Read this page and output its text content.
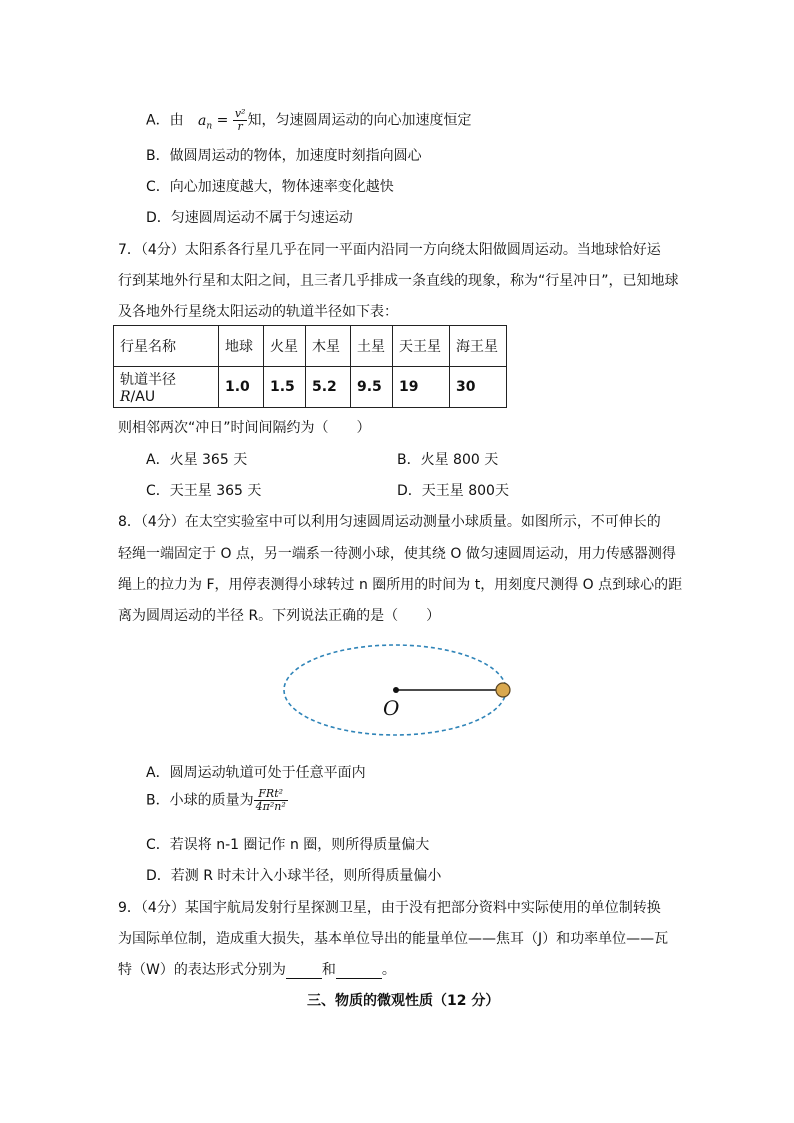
A．由 $a_n = \frac{\text{v²}}{r}$ 知，匀速圆周运动的向心加速度恒定
B．做圆周运动的物体，加速度时刻指向圆心
C．向心加速度越大，物体速率变化越快
D．匀速圆周运动不属于匀速运动
7．（4分）太阳系各行星几乎在同一平面内沿同一方向绕太阳做圆周运动。当地球恰好运
行到某地外行星和太阳之间，且三者几乎排成一条直线的现象，称为“行星冲日”，已知地球
及各地外行星绕太阳运动的轨道半径如下表：
行星名称	地球	火星	木星	土星	天王星	海王星
轨道半径 R/AU	1.0	1.5	5.2	9.5	19	30
则相邻两次“冲日”时间间隔约为（　　）
A．火星 365 天	B．火星 800 天
C．天王星 365 天	D．天王星 800天
8．（4分）在太空实验室中可以利用匀速圆周运动测量小球质量。如图所示，不可伸长的
轻绳一端固定于 O 点，另一端系一待测小球，使其绕 O 做匀速圆周运动，用力传感器测得
绳上的拉力为 F，用停表测得小球转过 n 圈所用的时间为 t，用刻度尺测得 O 点到球心的距
离为圆周运动的半径 R。下列说法正确的是（　　）
O
A．圆周运动轨道可处于任意平面内
B．小球的质量为 $\frac{\text{FRt²}}{\text{4π²n²}}$
C．若误将 n-1 圈记作 n 圈，则所得质量偏大
D．若测 R 时未计入小球半径，则所得质量偏小
9．（4分）某国宇航局发射行星探测卫星，由于没有把部分资料中实际使用的单位制转换
为国际单位制，造成重大损失，基本单位导出的能量单位——焦耳（J）和功率单位——瓦
特（W）的表达形式分别为	和	。
三、物质的微观性质（12 分）
